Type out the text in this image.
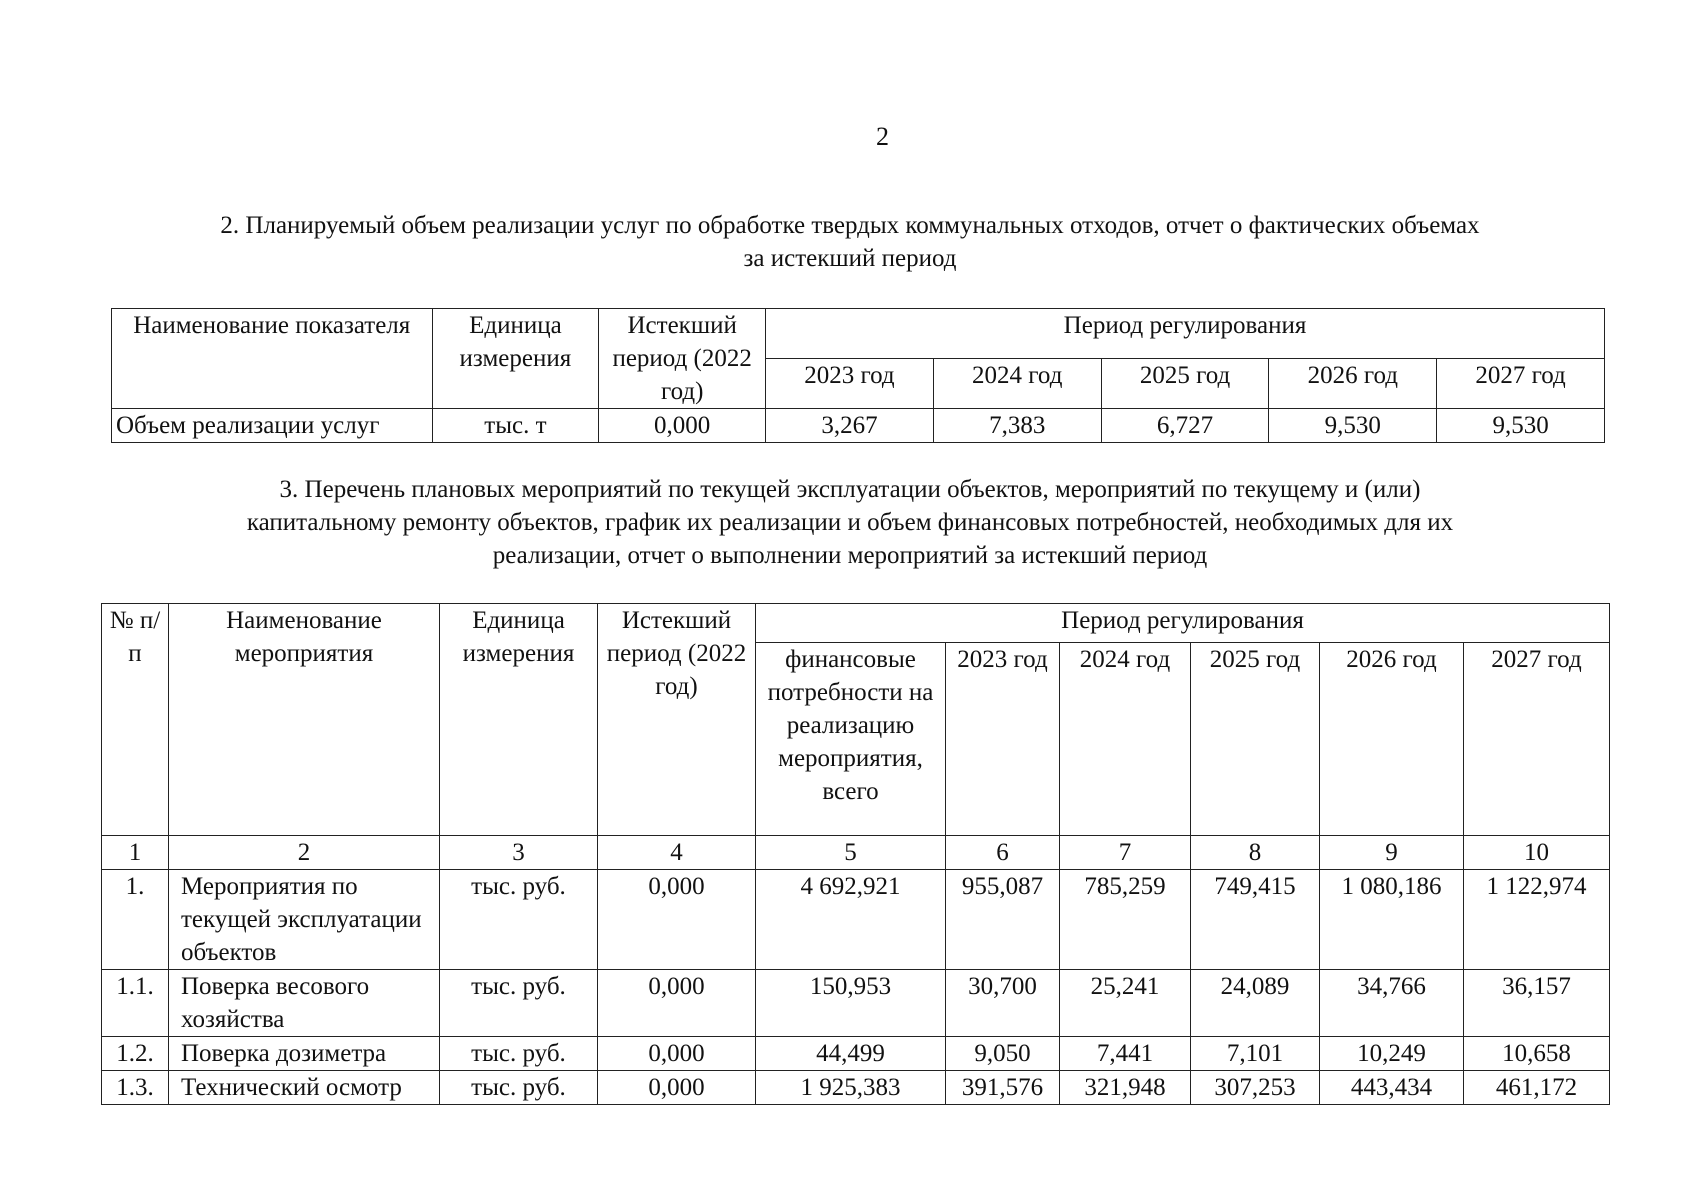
2
2. Планируемый объем реализации услуг по обработке твердых коммунальных отходов, отчет о фактических объемах
за истекший период
Наименование показателя	Единица измерения	Истекший период (2022 год)	Период регулирования				
			2023 год	2024 год	2025 год	2026 год	2027 год
Объем реализации услуг	тыс. т	0,000	3,267	7,383	6,727	9,530	9,530
3. Перечень плановых мероприятий по текущей эксплуатации объектов, мероприятий по текущему и (или)
капитальному ремонту объектов, график их реализации и объем финансовых потребностей, необходимых для их
реализации, отчет о выполнении мероприятий за истекший период
№ п/п	Наименование мероприятия	Единица измерения	Истекший период (2022 год)	Период регулирования					
				финансовые потребности на реализацию мероприятия, всего	2023 год	2024 год	2025 год	2026 год	2027 год
1	2	3	4	5	6	7	8	9	10
1.	Мероприятия по текущей эксплуатации объектов	тыс. руб.	0,000	4 692,921	955,087	785,259	749,415	1 080,186	1 122,974
1.1.	Поверка весового хозяйства	тыс. руб.	0,000	150,953	30,700	25,241	24,089	34,766	36,157
1.2.	Поверка дозиметра	тыс. руб.	0,000	44,499	9,050	7,441	7,101	10,249	10,658
1.3.	Технический осмотр	тыс. руб.	0,000	1 925,383	391,576	321,948	307,253	443,434	461,172
